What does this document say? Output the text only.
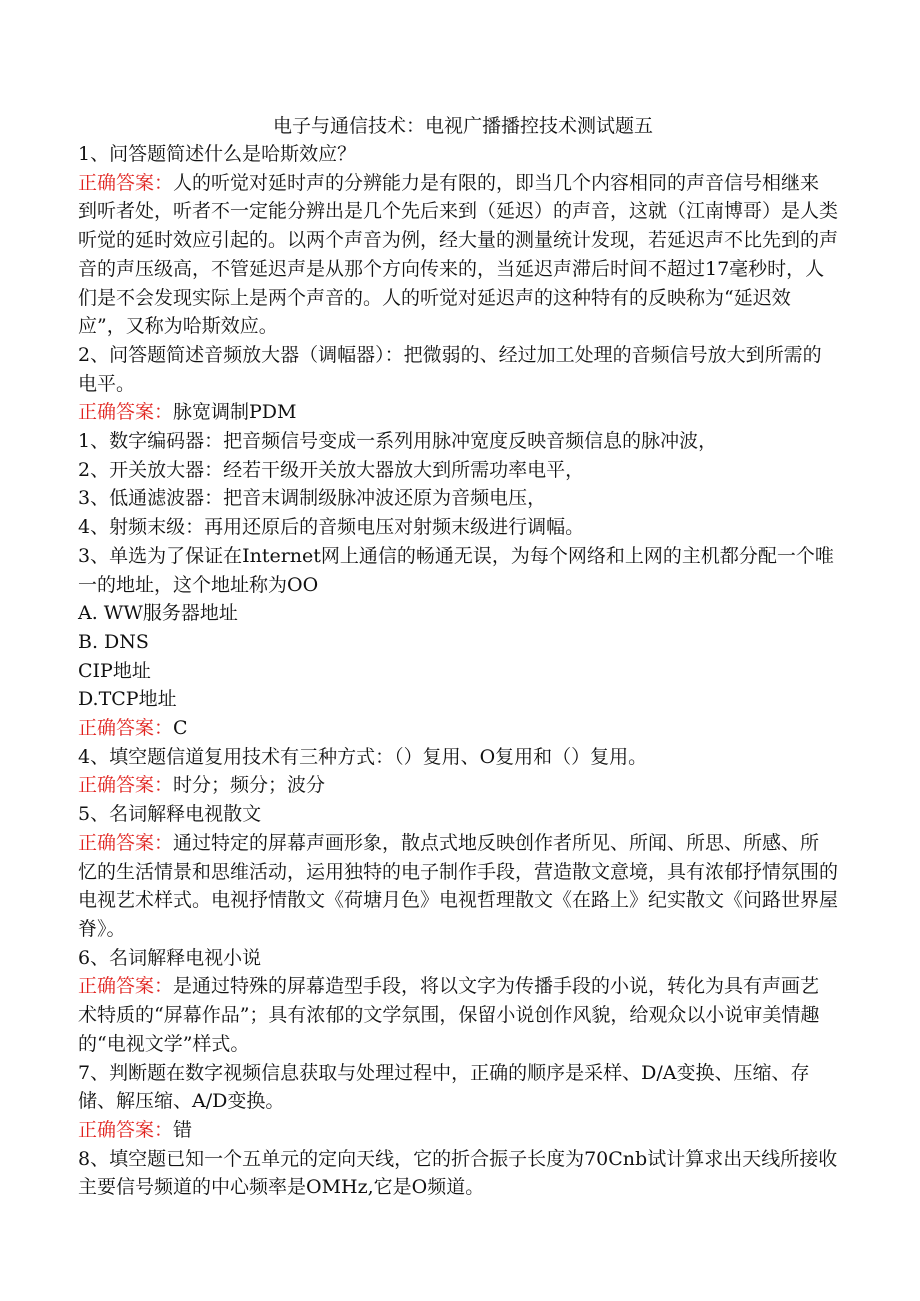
电子与通信技术：电视广播播控技术测试题五

1、问答题简述什么是哈斯效应？

正确答案：人的听觉对延时声的分辨能力是有限的，即当几个内容相同的声音信号相继来到听者处，听者不一定能分辨出是几个先后来到（延迟）的声音，这就（江南博哥）是人类听觉的延时效应引起的。以两个声音为例，经大量的测量统计发现，若延迟声不比先到的声音的声压级高，不管延迟声是从那个方向传来的，当延迟声滞后时间不超过17毫秒时，人们是不会发现实际上是两个声音的。人的听觉对延迟声的这种特有的反映称为“延迟效应”，又称为哈斯效应。

2、问答题简述音频放大器（调幅器）：把微弱的、经过加工处理的音频信号放大到所需的电平。

正确答案：脉宽调制PDM

1、数字编码器：把音频信号变成一系列用脉冲宽度反映音频信息的脉冲波，

2、开关放大器：经若干级开关放大器放大到所需功率电平，

3、低通滤波器：把音末调制级脉冲波还原为音频电压，

4、射频末级：再用还原后的音频电压对射频末级进行调幅。

3、单选为了保证在Internet网上通信的畅通无误，为每个网络和上网的主机都分配一个唯一的地址，这个地址称为OO

A. WW服务器地址

B. DNS

CIP地址

D.TCP地址

正确答案：C

4、填空题信道复用技术有三种方式：（）复用、O复用和（）复用。

正确答案：时分；频分；波分

5、名词解释电视散文

正确答案：通过特定的屏幕声画形象，散点式地反映创作者所见、所闻、所思、所感、所忆的生活情景和思维活动，运用独特的电子制作手段，营造散文意境，具有浓郁抒情氛围的电视艺术样式。电视抒情散文《荷塘月色》电视哲理散文《在路上》纪实散文《问路世界屋脊》。

6、名词解释电视小说

正确答案：是通过特殊的屏幕造型手段，将以文字为传播手段的小说，转化为具有声画艺术特质的“屏幕作品”；具有浓郁的文学氛围，保留小说创作风貌，给观众以小说审美情趣的“电视文学”样式。

7、判断题在数字视频信息获取与处理过程中，正确的顺序是采样、D/A变换、压缩、存储、解压缩、A/D变换。

正确答案：错

8、填空题已知一个五单元的定向天线，它的折合振子长度为70Cnb试计算求出天线所接收主要信号频道的中心频率是OMHz,它是O频道。
